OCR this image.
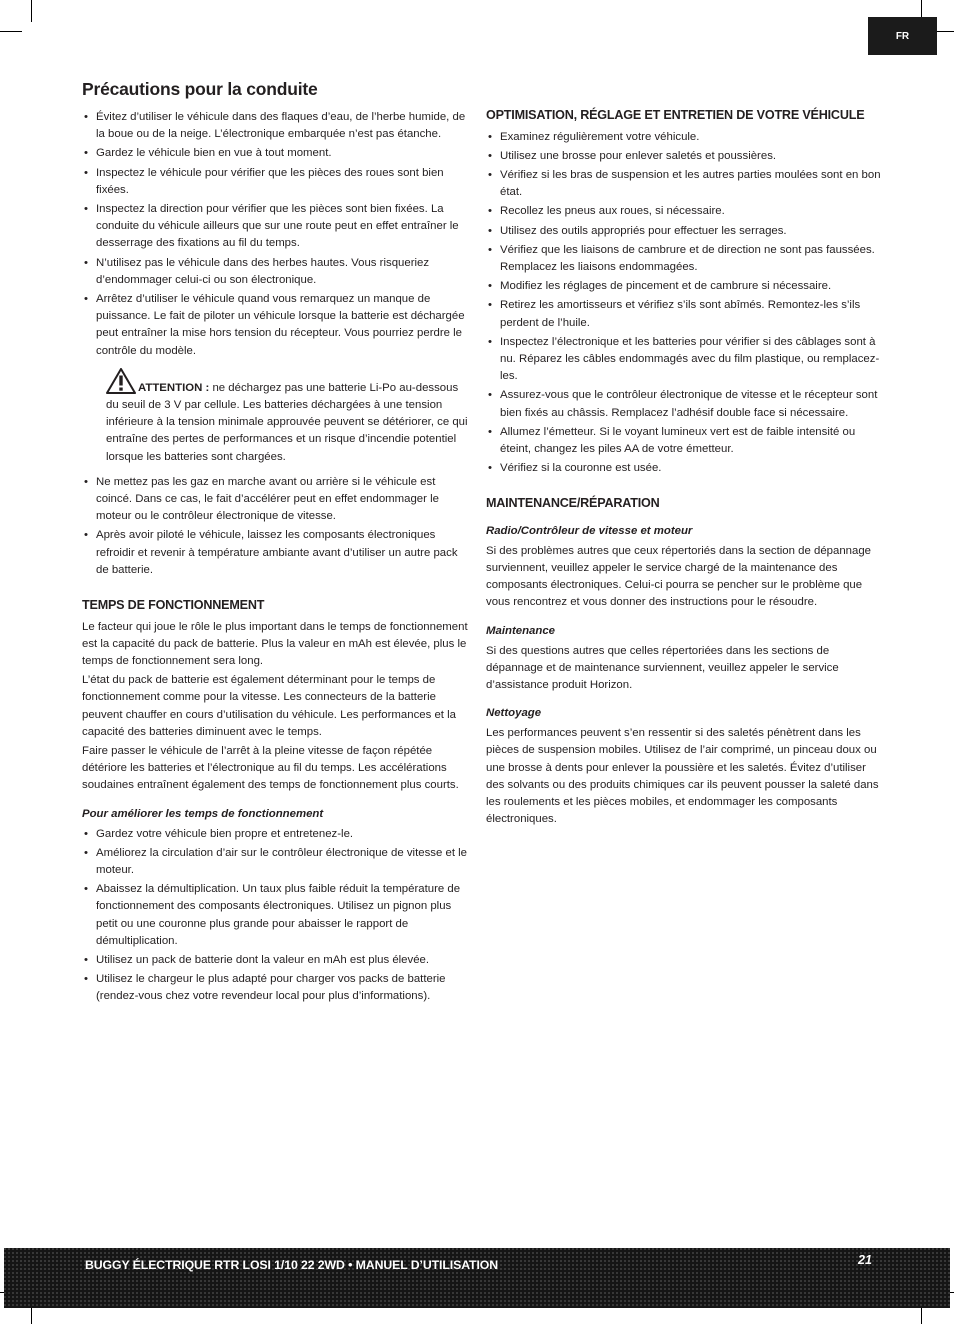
FR
Précautions pour la conduite
• Évitez d’utiliser le véhicule dans des flaques d’eau, de l’herbe humide, de la boue ou de la neige. L’électronique embarquée n’est pas étanche.
• Gardez le véhicule bien en vue à tout moment.
• Inspectez le véhicule pour vérifier que les pièces des roues sont bien fixées.
• Inspectez la direction pour vérifier que les pièces sont bien fixées. La conduite du véhicule ailleurs que sur une route peut en effet entraîner le desserrage des fixations au fil du temps.
• N’utilisez pas le véhicule dans des herbes hautes. Vous risqueriez d’endommager celui-ci ou son électronique.
• Arrêtez d’utiliser le véhicule quand vous remarquez un manque de puissance. Le fait de piloter un véhicule lorsque la batterie est déchargée peut entraîner la mise hors tension du récepteur. Vous pourriez perdre le contrôle du modèle.
ATTENTION : ne déchargez pas une batterie Li-Po au-dessous du seuil de 3 V par cellule. Les batteries déchargées à une tension inférieure à la tension minimale approuvée peuvent se détériorer, ce qui entraîne des pertes de performances et un risque d’incendie potentiel lorsque les batteries sont chargées.
• Ne mettez pas les gaz en marche avant ou arrière si le véhicule est coincé. Dans ce cas, le fait d’accélérer peut en effet endommager le moteur ou le contrôleur électronique de vitesse.
• Après avoir piloté le véhicule, laissez les composants électroniques refroidir et revenir à température ambiante avant d’utiliser un autre pack de batterie.
TEMPS DE FONCTIONNEMENT

Le facteur qui joue le rôle le plus important dans le temps de fonctionnement est la capacité du pack de batterie. Plus la valeur en mAh est élevée, plus le temps de fonctionnement sera long.

L’état du pack de batterie est également déterminant pour le temps de fonctionnement comme pour la vitesse. Les connecteurs de la batterie peuvent chauffer en cours d’utilisation du véhicule. Les performances et la capacité des batteries diminuent avec le temps.

Faire passer le véhicule de l’arrêt à la pleine vitesse de façon répétée détériore les batteries et l’électronique au fil du temps. Les accélérations soudaines entraînent également des temps de fonctionnement plus courts.

Pour améliorer les temps de fonctionnement
• Gardez votre véhicule bien propre et entretenez-le.
• Améliorez la circulation d’air sur le contrôleur électronique de vitesse et le moteur.
• Abaissez la démultiplication. Un taux plus faible réduit la température de fonctionnement des composants électroniques. Utilisez un pignon plus petit ou une couronne plus grande pour abaisser le rapport de démultiplication.
• Utilisez un pack de batterie dont la valeur en mAh est plus élevée.
• Utilisez le chargeur le plus adapté pour charger vos packs de batterie (rendez-vous chez votre revendeur local pour plus d’informations).
OPTIMISATION, RÉGLAGE ET ENTRETIEN DE VOTRE VÉHICULE
• Examinez régulièrement votre véhicule.
• Utilisez une brosse pour enlever saletés et poussières.
• Vérifiez si les bras de suspension et les autres parties moulées sont en bon état.
• Recollez les pneus aux roues, si nécessaire.
• Utilisez des outils appropriés pour effectuer les serrages.
• Vérifiez que les liaisons de cambrure et de direction ne sont pas faussées. Remplacez les liaisons endommagées.
• Modifiez les réglages de pincement et de cambrure si nécessaire.
• Retirez les amortisseurs et vérifiez s’ils sont abîmés. Remontez-les s’ils perdent de l’huile.
• Inspectez l’électronique et les batteries pour vérifier si des câblages sont à nu. Réparez les câbles endommagés avec du film plastique, ou remplacez-les.
• Assurez-vous que le contrôleur électronique de vitesse et le récepteur sont bien fixés au châssis. Remplacez l’adhésif double face si nécessaire.
• Allumez l’émetteur. Si le voyant lumineux vert est de faible intensité ou éteint, changez les piles AA de votre émetteur.
• Vérifiez si la couronne est usée.
MAINTENANCE/RÉPARATION
Radio/Contrôleur de vitesse et moteur

Si des problèmes autres que ceux répertoriés dans la section de dépannage surviennent, veuillez appeler le service chargé de la maintenance des composants électroniques. Celui-ci pourra se pencher sur le problème que vous rencontrez et vous donner des instructions pour le résoudre.

Maintenance

Si des questions autres que celles répertoriées dans les sections de dépannage et de maintenance surviennent, veuillez appeler le service d’assistance produit Horizon.

Nettoyage

Les performances peuvent s’en ressentir si des saletés pénètrent dans les pièces de suspension mobiles. Utilisez de l’air comprimé, un pinceau doux ou une brosse à dents pour enlever la poussière et les saletés. Évitez d’utiliser des solvants ou des produits chimiques car ils peuvent pousser la saleté dans les roulements et les pièces mobiles, et endommager les composants électroniques.

BUGGY ÉLECTRIQUE RTR LOSI 1/10 22 2WD • MANUEL D’UTILISATION	21
